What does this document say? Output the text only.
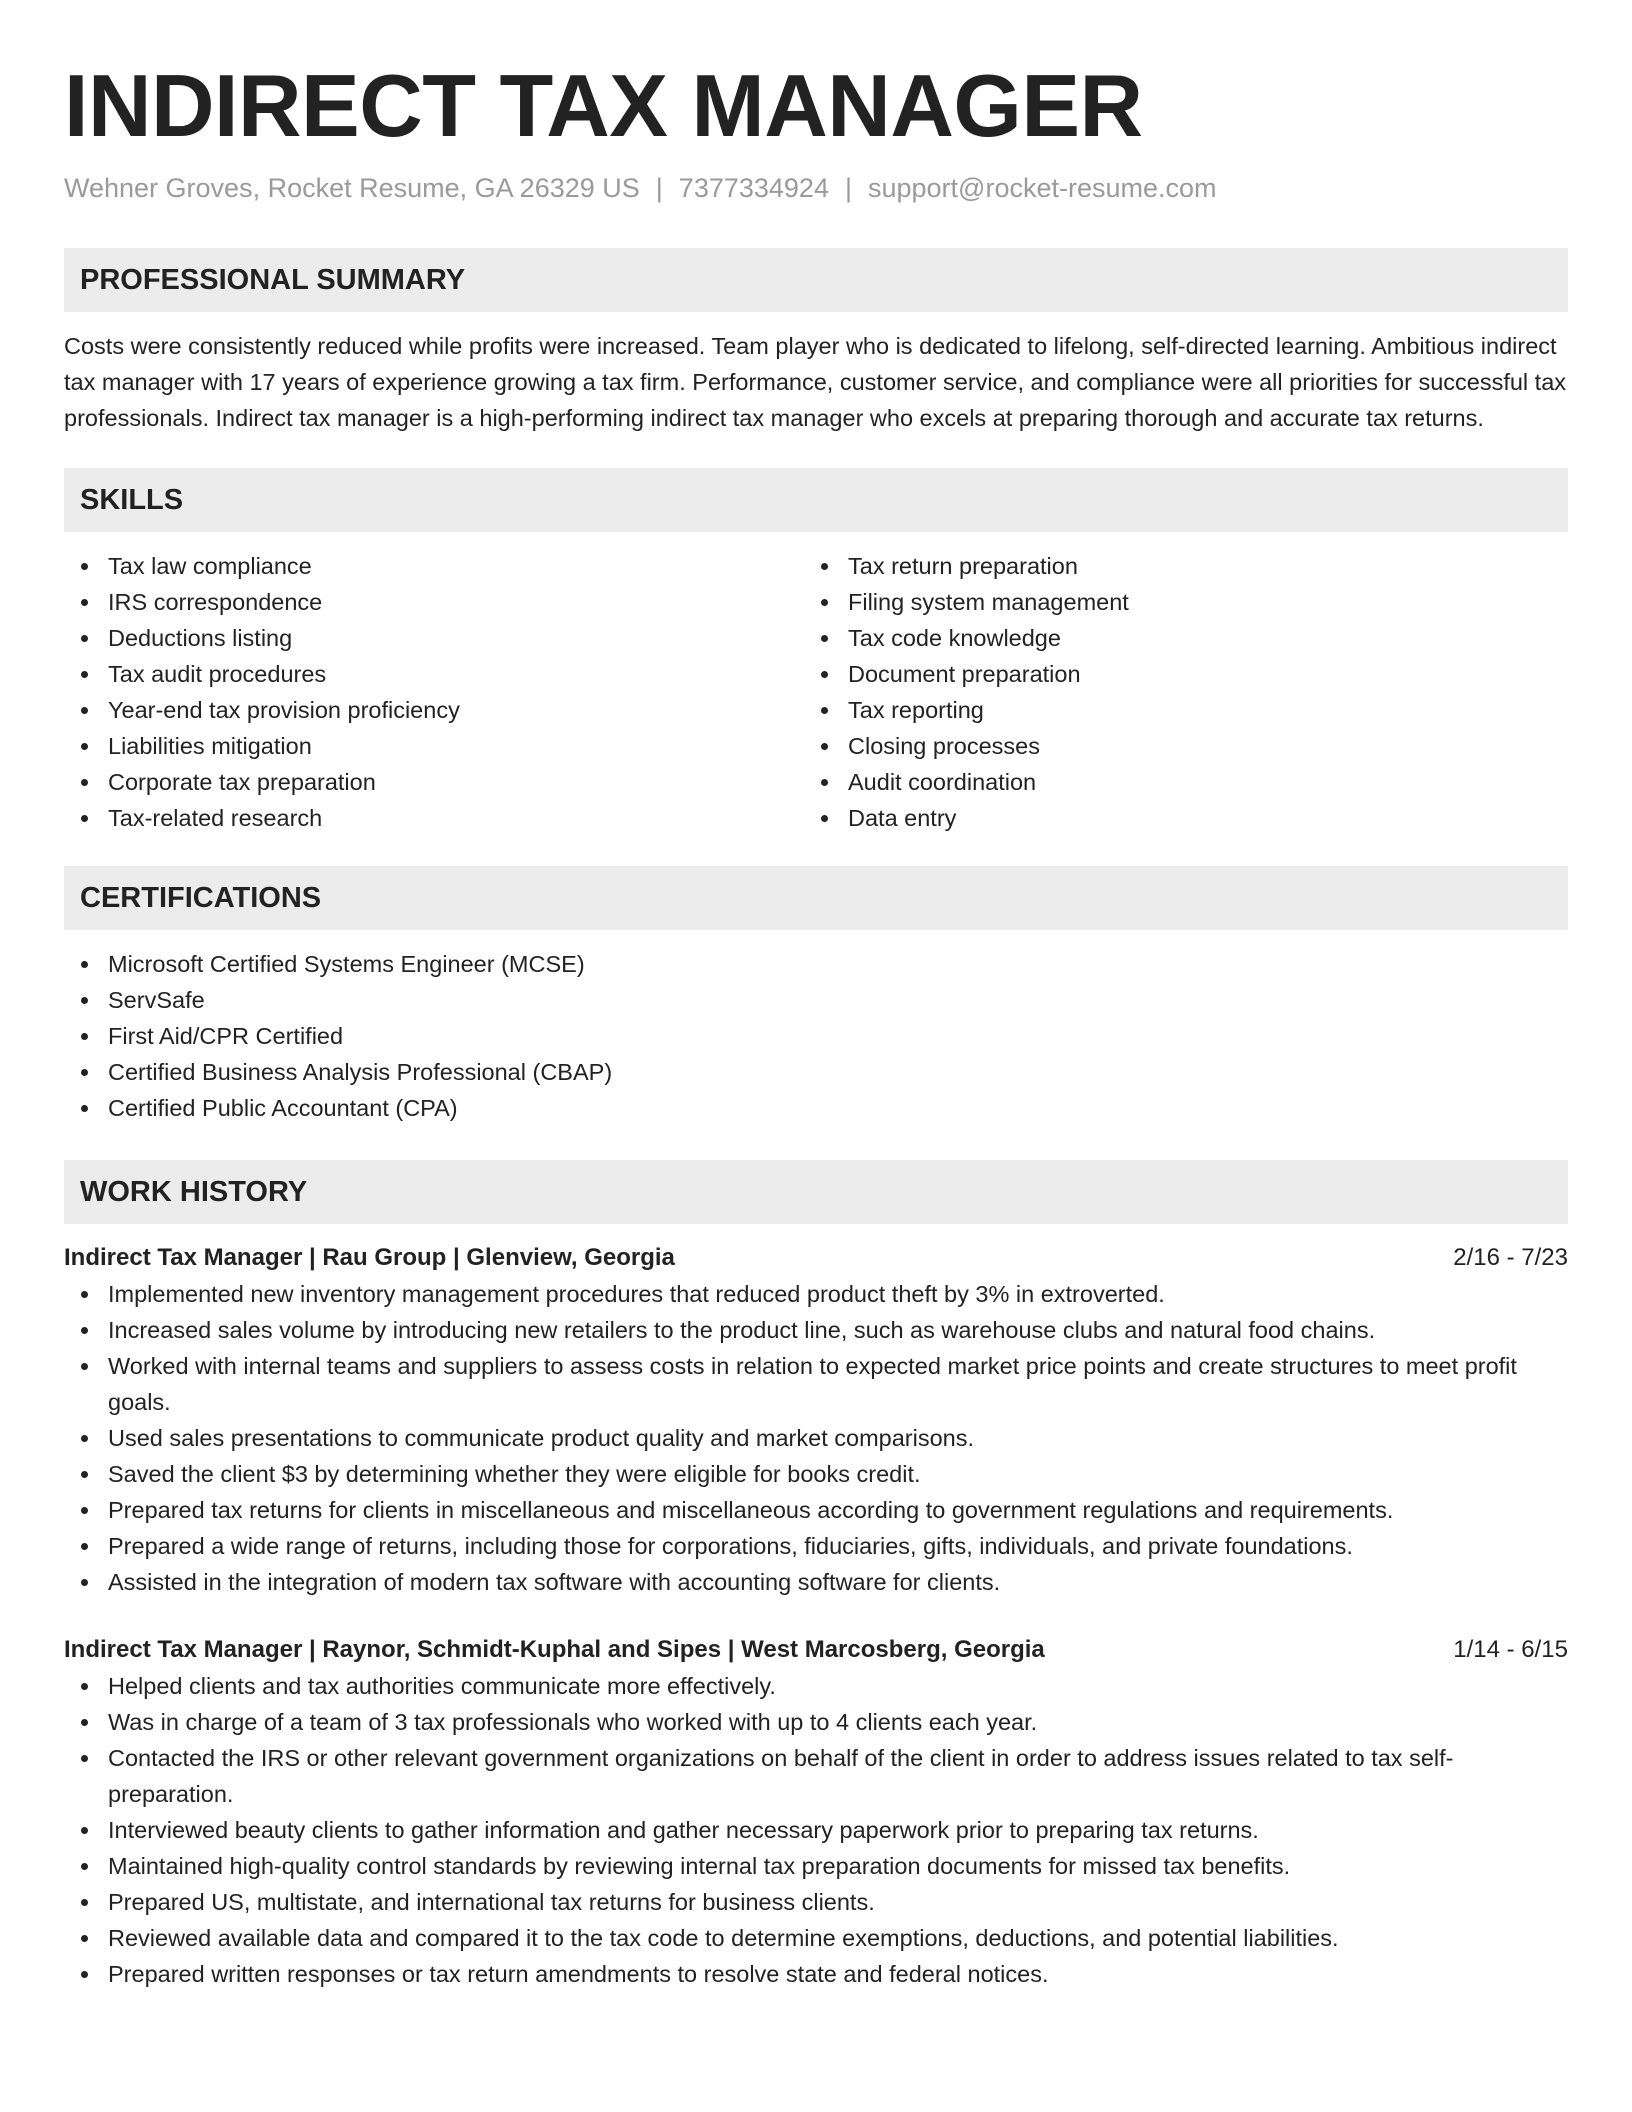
INDIRECT TAX MANAGER
Wehner Groves, Rocket Resume, GA 26329 US | 7377334924 | support@rocket-resume.com
PROFESSIONAL SUMMARY

Costs were consistently reduced while profits were increased. Team player who is dedicated to lifelong, self-directed learning. Ambitious indirect tax manager with 17 years of experience growing a tax firm. Performance, customer service, and compliance were all priorities for successful tax professionals. Indirect tax manager is a high-performing indirect tax manager who excels at preparing thorough and accurate tax returns.

SKILLS
Tax law compliance
IRS correspondence
Deductions listing
Tax audit procedures
Year-end tax provision proficiency
Liabilities mitigation
Corporate tax preparation
Tax-related research
Tax return preparation
Filing system management
Tax code knowledge
Document preparation
Tax reporting
Closing processes
Audit coordination
Data entry
CERTIFICATIONS
Microsoft Certified Systems Engineer (MCSE)
ServSafe
First Aid/CPR Certified
Certified Business Analysis Professional (CBAP)
Certified Public Accountant (CPA)
WORK HISTORY
Indirect Tax Manager | Rau Group | Glenview, Georgia	2/16 - 7/23
Implemented new inventory management procedures that reduced product theft by 3% in extroverted.
Increased sales volume by introducing new retailers to the product line, such as warehouse clubs and natural food chains.
Worked with internal teams and suppliers to assess costs in relation to expected market price points and create structures to meet profit goals.
Used sales presentations to communicate product quality and market comparisons.
Saved the client $3 by determining whether they were eligible for books credit.
Prepared tax returns for clients in miscellaneous and miscellaneous according to government regulations and requirements.
Prepared a wide range of returns, including those for corporations, fiduciaries, gifts, individuals, and private foundations.
Assisted in the integration of modern tax software with accounting software for clients.
Indirect Tax Manager | Raynor, Schmidt-Kuphal and Sipes | West Marcosberg, Georgia	1/14 - 6/15
Helped clients and tax authorities communicate more effectively.
Was in charge of a team of 3 tax professionals who worked with up to 4 clients each year.
Contacted the IRS or other relevant government organizations on behalf of the client in order to address issues related to tax self-preparation.
Interviewed beauty clients to gather information and gather necessary paperwork prior to preparing tax returns.
Maintained high-quality control standards by reviewing internal tax preparation documents for missed tax benefits.
Prepared US, multistate, and international tax returns for business clients.
Reviewed available data and compared it to the tax code to determine exemptions, deductions, and potential liabilities.
Prepared written responses or tax return amendments to resolve state and federal notices.
